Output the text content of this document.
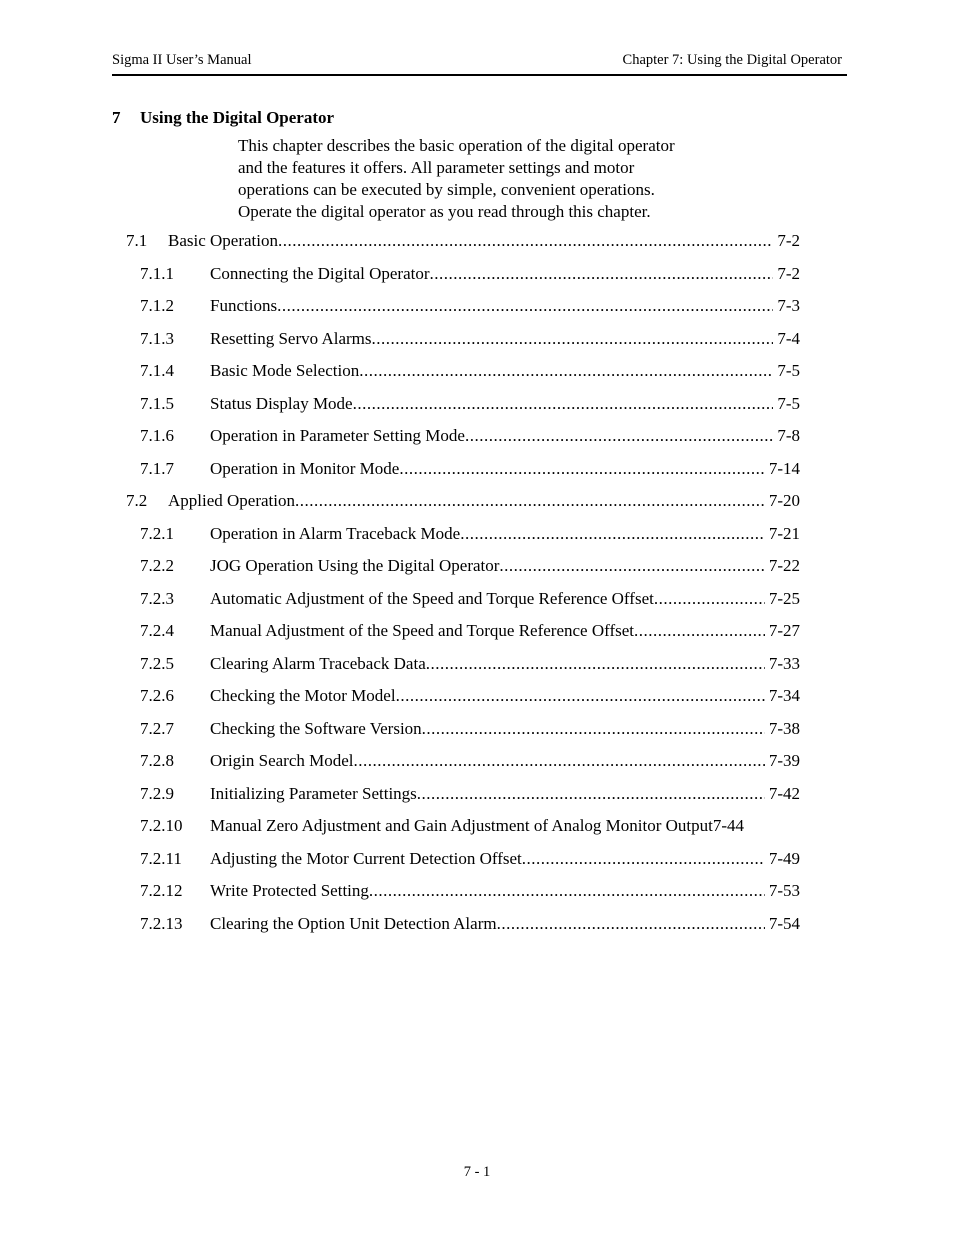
Sigma II User’s Manual	Chapter 7: Using the Digital Operator
7 Using the Digital Operator
This chapter describes the basic operation of the digital operator
and the features it offers. All parameter settings and motor
operations can be executed by simple, convenient operations.
Operate the digital operator as you read through this chapter.
7.1 Basic Operation .....	7-2
7.1.1 Connecting the Digital Operator .....	7-2
7.1.2 Functions .....	7-3
7.1.3 Resetting Servo Alarms .....	7-4
7.1.4 Basic Mode Selection .....	7-5
7.1.5 Status Display Mode .....	7-5
7.1.6 Operation in Parameter Setting Mode .....	7-8
7.1.7 Operation in Monitor Mode .....	7-14
7.2 Applied Operation .....	7-20
7.2.1 Operation in Alarm Traceback Mode .....	7-21
7.2.2 JOG Operation Using the Digital Operator .....	7-22
7.2.3 Automatic Adjustment of the Speed and Torque Reference Offset .....	7-25
7.2.4 Manual Adjustment of the Speed and Torque Reference Offset .....	7-27
7.2.5 Clearing Alarm Traceback Data .....	7-33
7.2.6 Checking the Motor Model .....	7-34
7.2.7 Checking the Software Version .....	7-38
7.2.8 Origin Search Model .....	7-39
7.2.9 Initializing Parameter Settings .....	7-42
7.2.10 Manual Zero Adjustment and Gain Adjustment of Analog Monitor Output 7-44
7.2.11 Adjusting the Motor Current Detection Offset .....	7-49
7.2.12 Write Protected Setting .....	7-53
7.2.13 Clearing the Option Unit Detection Alarm .....	7-54
7 - 1
